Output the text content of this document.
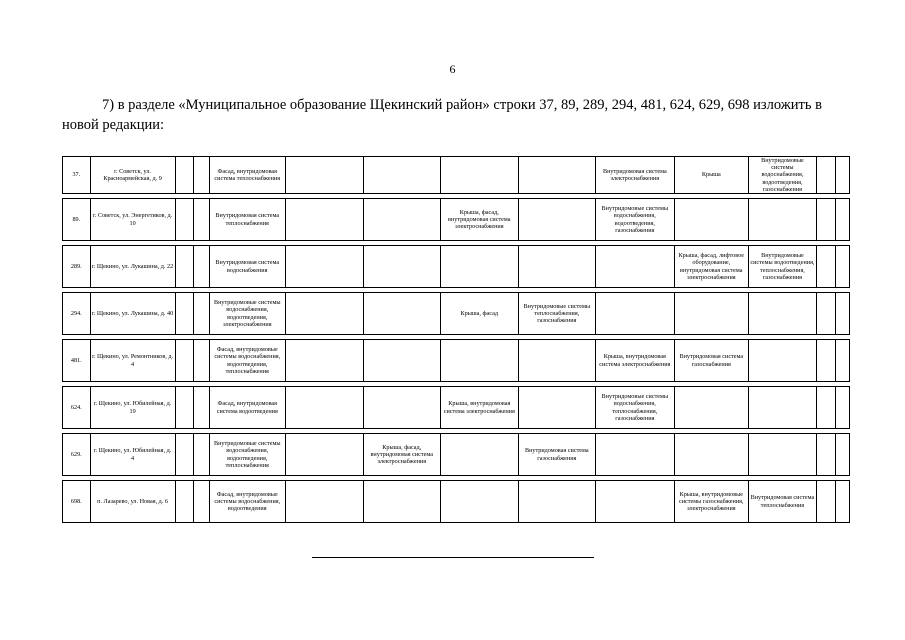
6
7) в разделе «Муниципальное образование Щекинский район» строки 37, 89, 289, 294, 481, 624, 629, 698 изложить в новой редакции:
37.	г. Советск, ул. Красноармейская, д. 9			Фасад, внутридомовая система теплоснабжения					Внутридомовая система электроснабжения	Крыша	Внутридомовые системы водоснабжения, водоотведения, газоснабжения		
89.	г. Советск, ул. Энергетиков, д. 10			Внутридомовая система теплоснабжения			Крыша, фасад, внутридомовая система электроснабжения		Внутридомовые системы водоснабжения, водоотведения, газоснабжения				
289.	г. Щекино, ул. Лукашина, д. 22			Внутридомовая система водоснабжения						Крыша, фасад, лифтовое оборудование, внутридомовая система электроснабжения	Внутридомовые системы водоотведения, теплоснабжения, газоснабжения		
294.	г. Щекино, ул. Лукашина, д. 40			Внутридомовые системы водоснабжения, водоотведения, электроснабжения			Крыша, фасад	Внутридомовые системы теплоснабжения, газоснабжения					
481.	г. Щекино, ул. Ремонтников, д. 4			Фасад, внутридомовые системы водоснабжения, водоотведения, теплоснабжения					Крыша, внутридомовая система электроснабжения	Внутридомовая система газоснабжения			
624.	г. Щекино, ул. Юбилейная, д. 19			Фасад, внутридомовая система водоотведения			Крыша, внутридомовая система электроснабжения		Внутридомовые системы водоснабжения, теплоснабжения, газоснабжения				
629.	г. Щекино, ул. Юбилейная, д. 4			Внутридомовые системы водоснабжения, водоотведения, теплоснабжения		Крыша, фасад, внутридомовая система электроснабжения		Внутридомовая система газоснабжения					
698.	п. Лазарево, ул. Новая, д. 6			Фасад, внутридомовые системы водоснабжения, водоотведения						Крыша, внутридомовые системы газоснабжения, электроснабжения	Внутридомовая система теплоснабжения		
